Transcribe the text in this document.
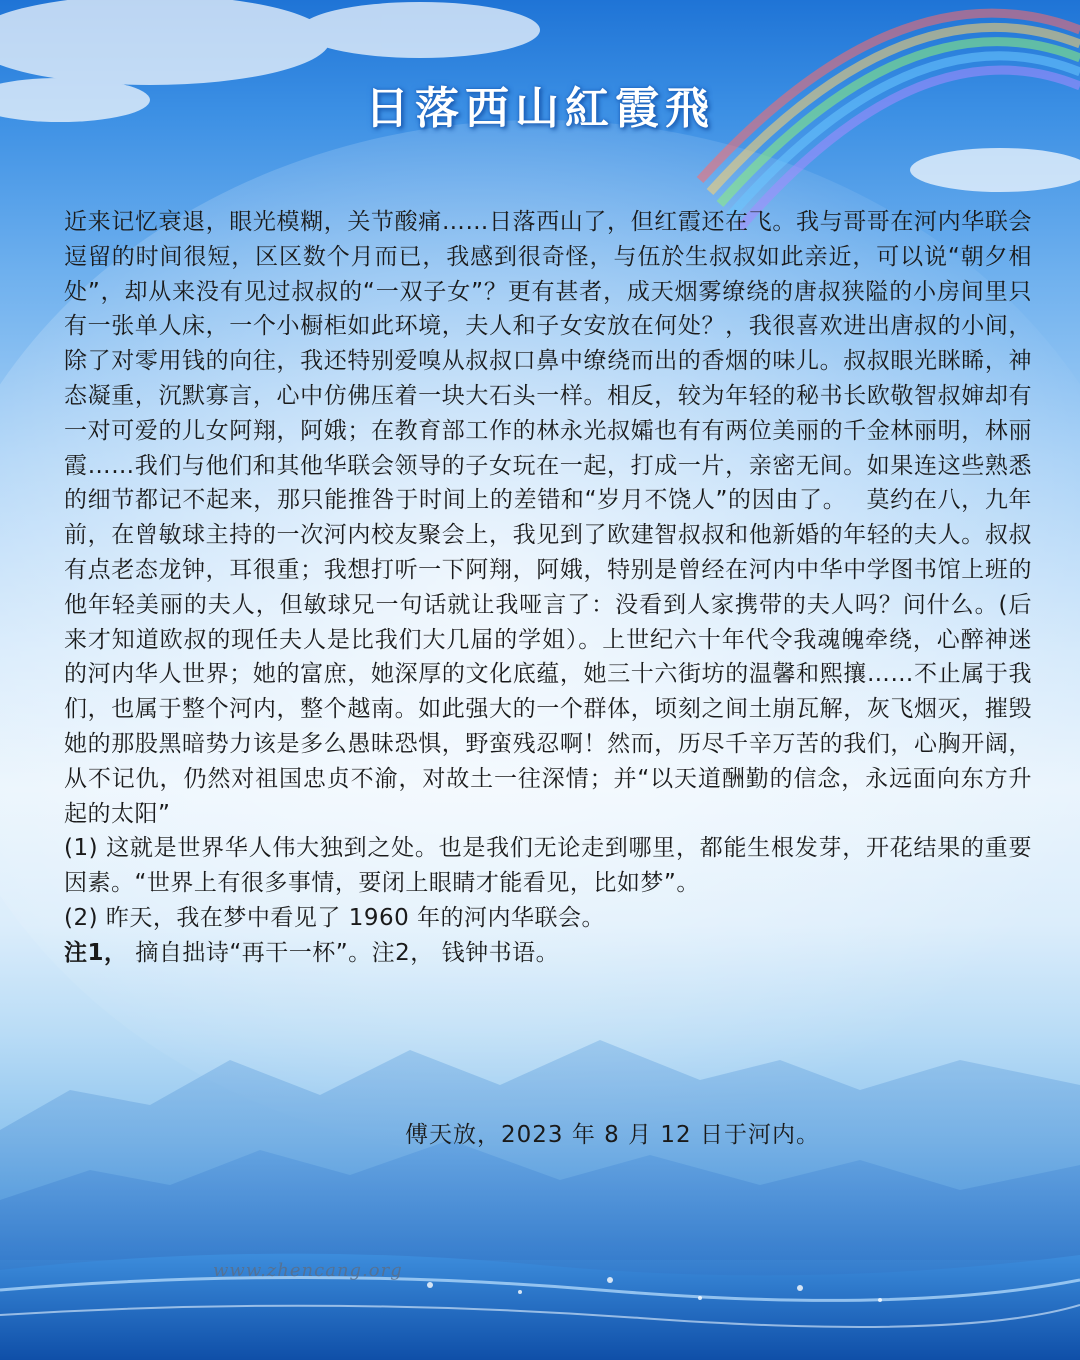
日落西山紅霞飛

近来记忆衰退，眼光模糊，关节酸痛……日落西山了，但红霞还在飞。我与哥哥在河内华联会逗留的时间很短，区区数个月而已，我感到很奇怪，与伍於生叔叔如此亲近，可以说“朝夕相处”，却从来没有见过叔叔的“一双子女”？更有甚者，成天烟雾缭绕的唐叔狭隘的小房间里只有一张单人床，一个小橱柜如此环境，夫人和子女安放在何处？，我很喜欢进出唐叔的小间，除了对零用钱的向往，我还特别爱嗅从叔叔口鼻中缭绕而出的香烟的味儿。叔叔眼光眯睎，神态凝重，沉默寡言，心中仿佛压着一块大石头一样。相反，较为年轻的秘书长欧敬智叔婶却有一对可爱的儿女阿翔，阿娥；在教育部工作的林永光叔孀也有有两位美丽的千金林丽明，林丽霞……我们与他们和其他华联会领导的子女玩在一起，打成一片，亲密无间。如果连这些熟悉的细节都记不起来，那只能推咎于时间上的差错和“岁月不饶人”的因由了。　 莫约在八，九年前，在曾敏球主持的一次河内校友聚会上，我见到了欧建智叔叔和他新婚的年轻的夫人。叔叔有点老态龙钟，耳很重；我想打听一下阿翔，阿娥，特别是曾经在河内中华中学图书馆上班的他年轻美丽的夫人，但敏球兄一句话就让我哑言了：没看到人家携带的夫人吗？问什么。(后来才知道欧叔的现任夫人是比我们大几届的学姐）。上世纪六十年代令我魂魄牵绕，心醉神迷的河内华人世界；她的富庶，她深厚的文化底蕴，她三十六街坊的温馨和熙攘……不止属于我们，也属于整个河内，整个越南。如此强大的一个群体，顷刻之间土崩瓦解，灰飞烟灭，摧毁她的那股黑暗势力该是多么愚昧恐惧，野蛮残忍啊！然而，历尽千辛万苦的我们，心胸开阔，从不记仇，仍然对祖国忠贞不渝，对故土一往深情；并“以天道酬勤的信念，永远面向东方升起的太阳”

(1) 这就是世界华人伟大独到之处。也是我们无论走到哪里，都能生根发芽，开花结果的重要因素。“世界上有很多事情，要闭上眼睛才能看见，比如梦”。

(2) 昨天，我在梦中看见了 1960 年的河内华联会。

注1， 摘自拙诗“再干一杯”。注2， 钱钟书语。

傅天放，2023 年 8 月 12 日于河内。
www.zhencang.org
